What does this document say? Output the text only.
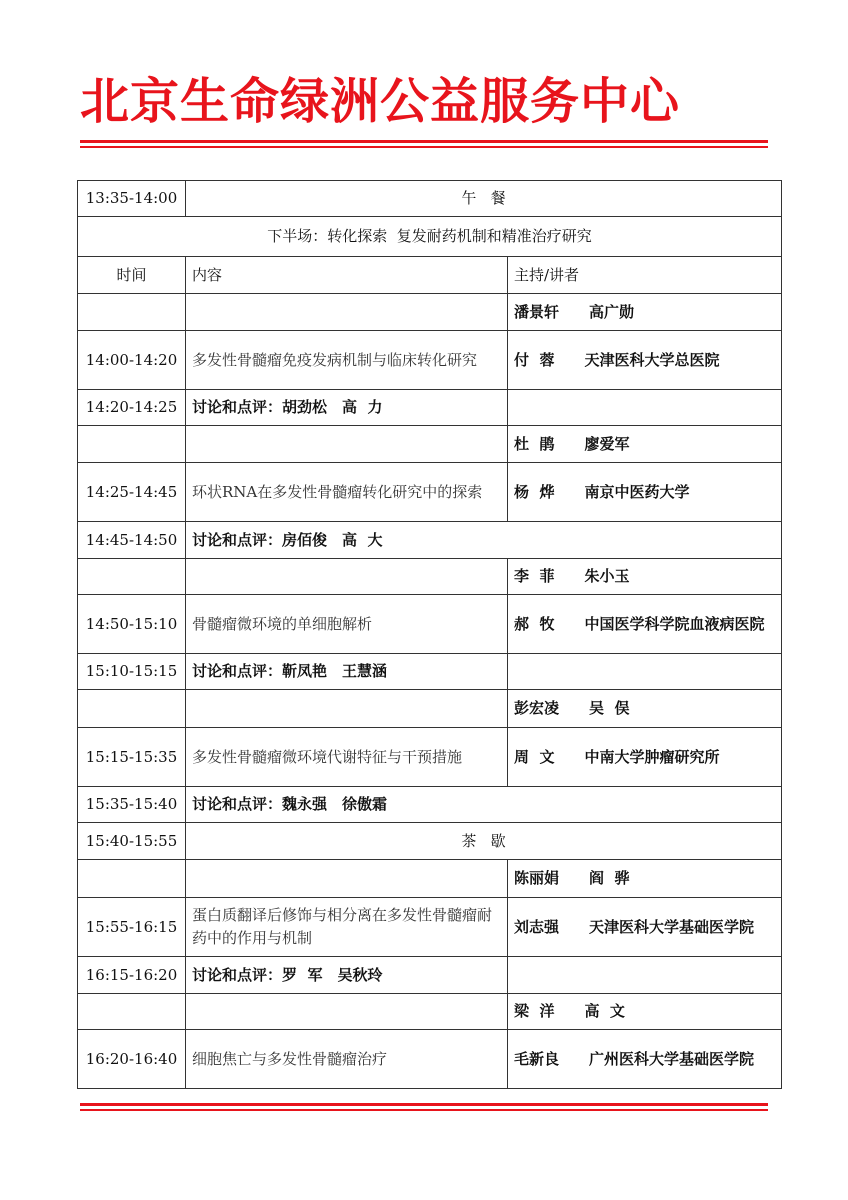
北京生命绿洲公益服务中心
13:35-14:00	午   餐	
下半场：转化探索  复发耐药机制和精准治疗研究		
时间	内容	主持/讲者
		潘景轩 高广勋
14:00-14:20	多发性骨髓瘤免疫发病机制与临床转化研究	付  蓉 天津医科大学总医院
14:20-14:25	讨论和点评：胡劲松 高  力	
		杜  鹃 廖爱军
14:25-14:45	环状RNA在多发性骨髓瘤转化研究中的探索	杨  烨 南京中医药大学
14:45-14:50	讨论和点评：房佰俊 高  大	
		李  菲 朱小玉
14:50-15:10	骨髓瘤微环境的单细胞解析	郝  牧 中国医学科学院血液病医院
15:10-15:15	讨论和点评：靳凤艳 王慧涵	
		彭宏凌 吴  俣
15:15-15:35	多发性骨髓瘤微环境代谢特征与干预措施	周  文 中南大学肿瘤研究所
15:35-15:40	讨论和点评：魏永强 徐傲霜	
15:40-15:55	茶   歇	
		陈丽娟 阎  骅
15:55-16:15	蛋白质翻译后修饰与相分离在多发性骨髓瘤耐药中的作用与机制	刘志强 天津医科大学基础医学院
16:15-16:20	讨论和点评：罗  军 吴秋玲	
		梁  洋 高  文
16:20-16:40	细胞焦亡与多发性骨髓瘤治疗	毛新良 广州医科大学基础医学院
